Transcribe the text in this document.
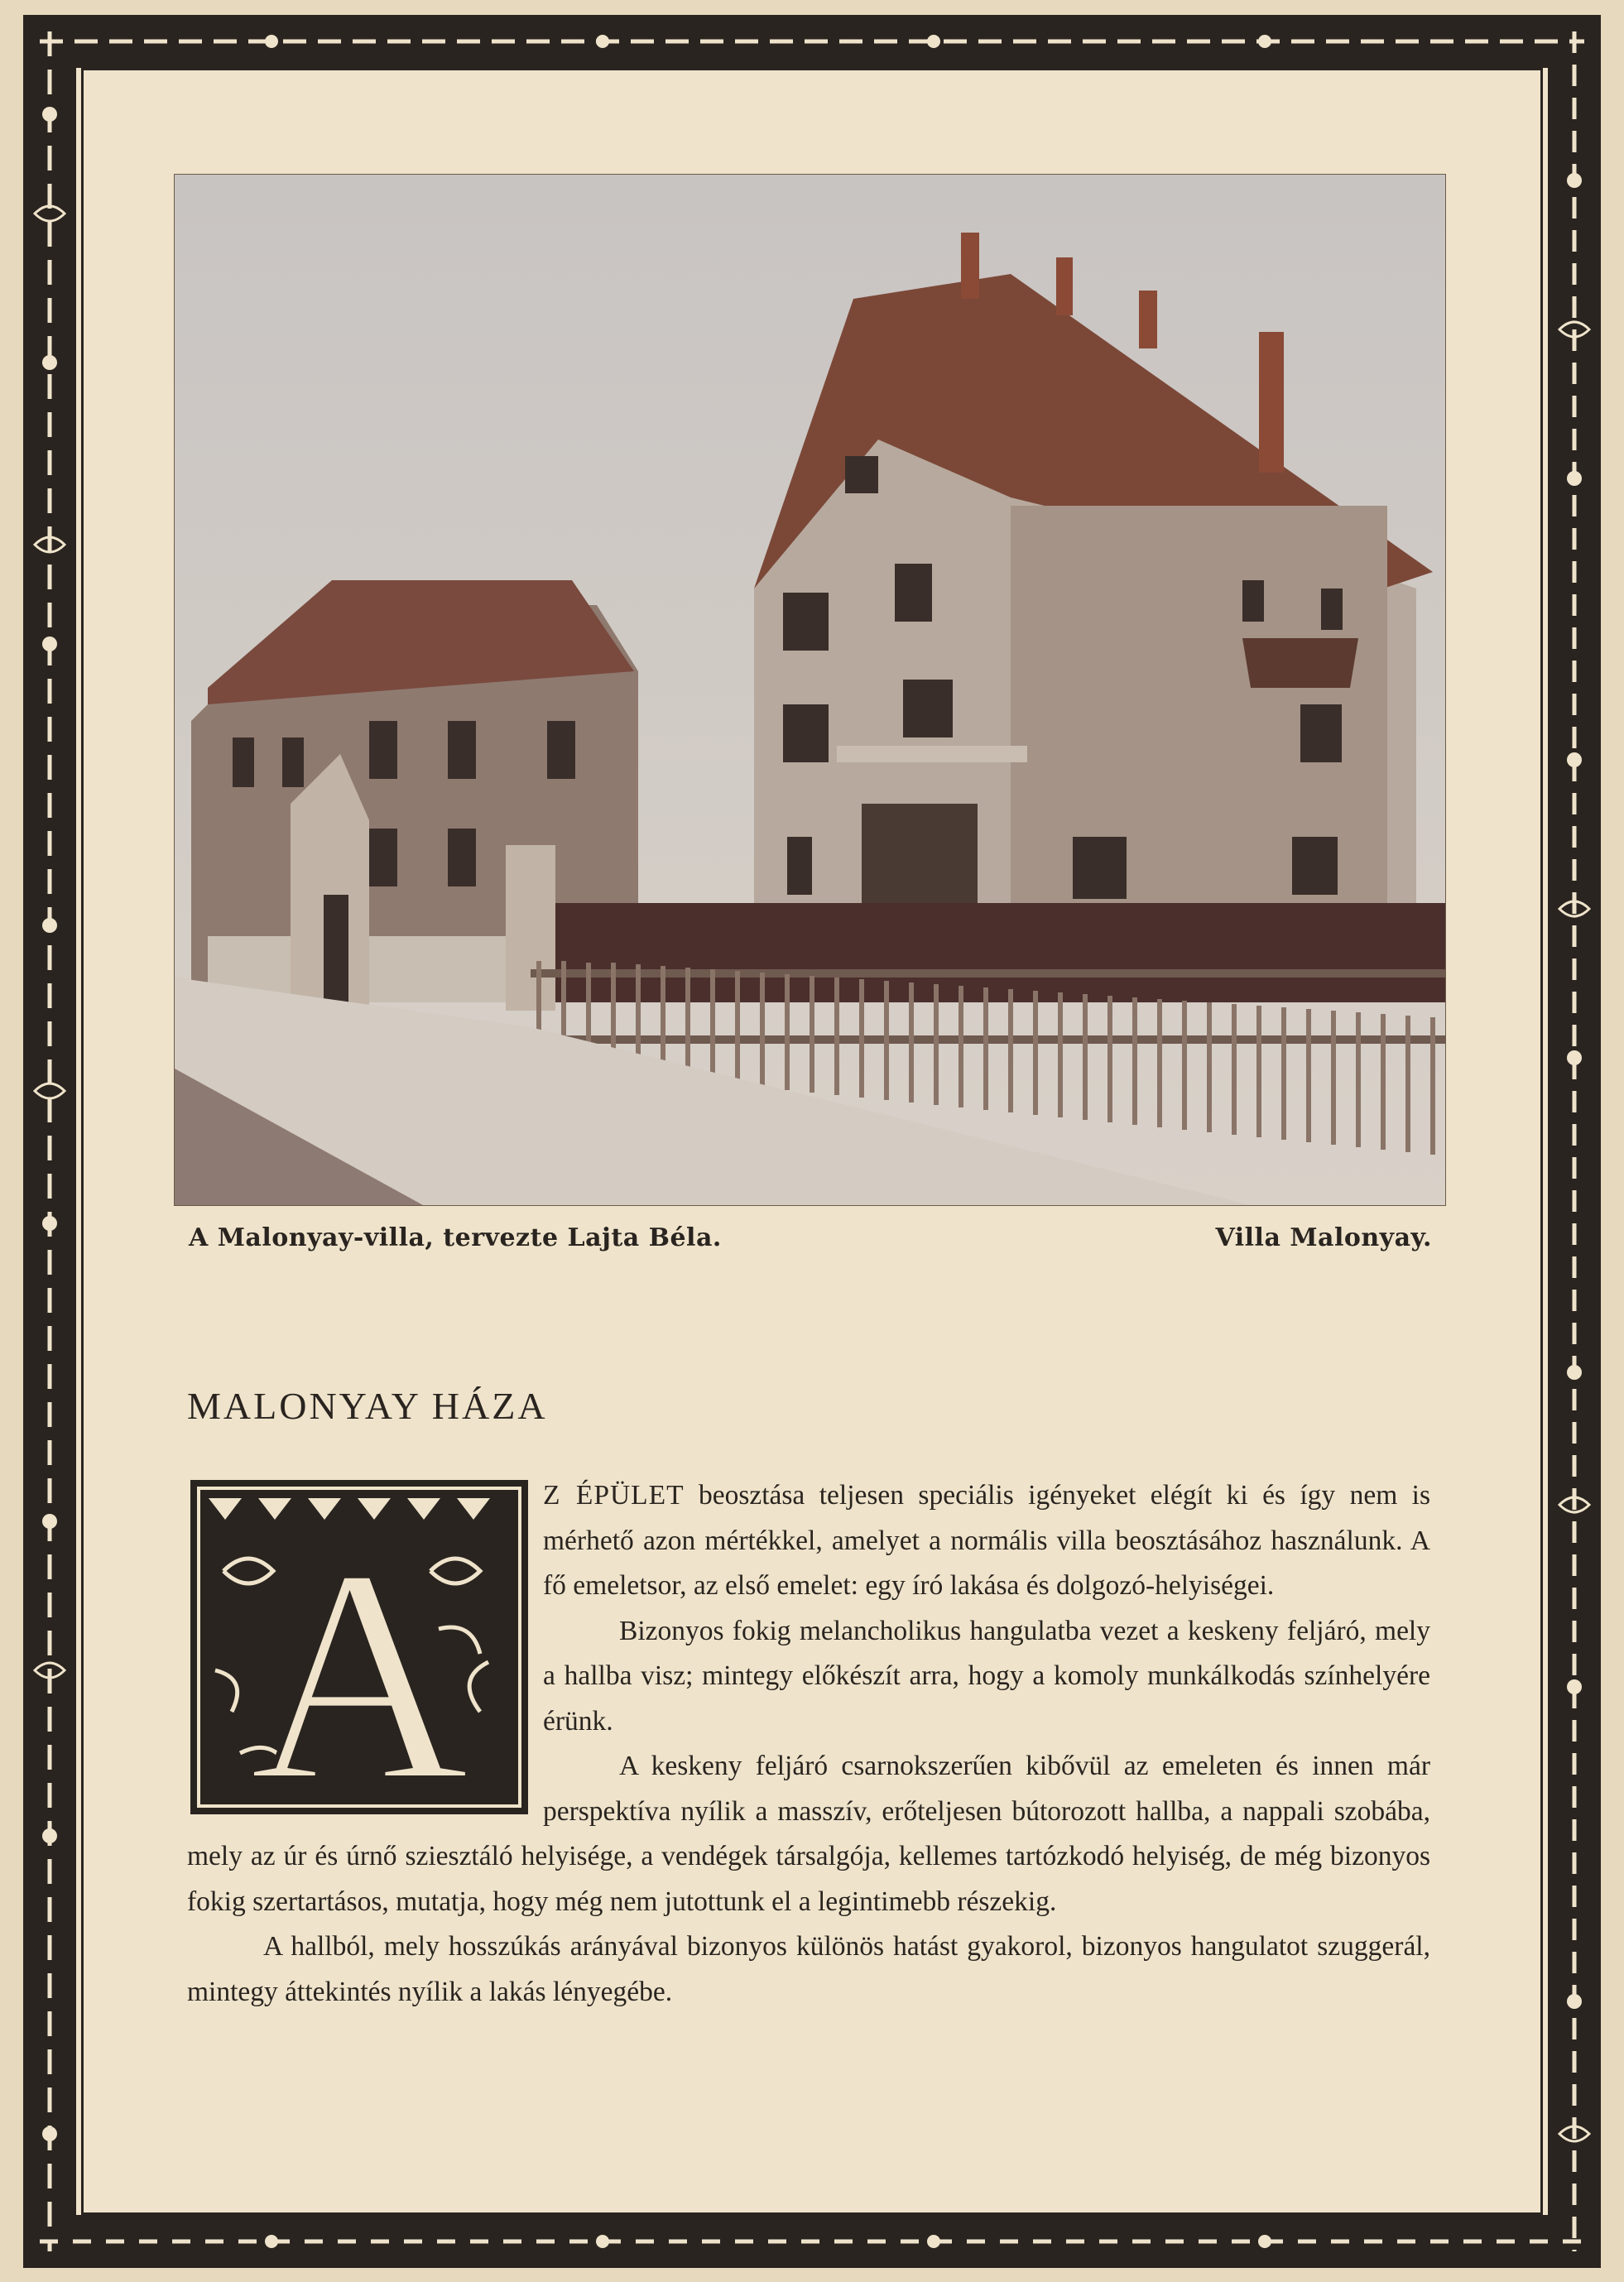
A Malonyay-villa, tervezte Lajta Béla.	Villa Malonyay.
MALONYAY HÁZA
A

Z ÉPÜLET beosztása teljesen speciális igényeket elégít ki és így nem is mérhető azon mértékkel, amelyet a normális villa beosztásához használunk. A fő emeletsor, az első emelet: egy író lakása és dolgozó-helyiségei.

Bizonyos fokig melancholikus hangulatba vezet a keskeny feljáró, mely a hallba visz; mintegy előkészít arra, hogy a komoly munkálkodás színhelyére érünk.

A keskeny feljáró csarnokszerűen kibővül az emeleten és innen már perspektíva nyílik a masszív, erőteljesen bútorozott hallba, a nappali szobába, mely az úr és úrnő sziesztáló helyisége, a vendégek társalgója, kellemes tartózkodó helyiség, de még bizonyos fokig szertartásos, mutatja, hogy még nem jutottunk el a legintimebb részekig.

A hallból, mely hosszúkás arányával bizonyos különös hatást gyakorol, bizonyos hangulatot szuggerál, mintegy áttekintés nyílik a lakás lényegébe.
